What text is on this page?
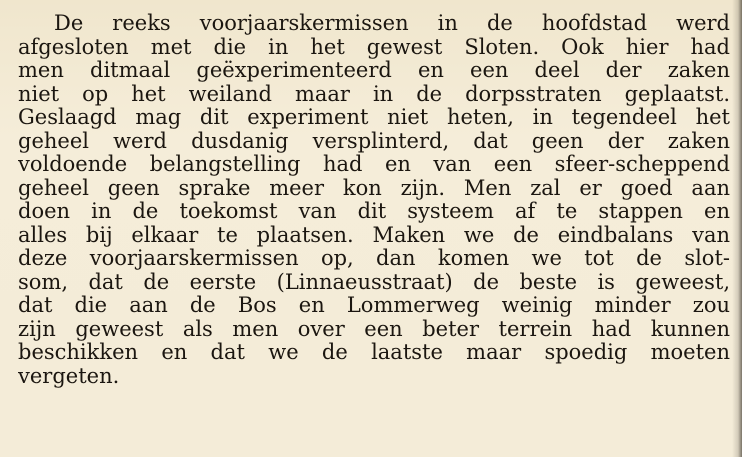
De reeks voorjaarskermissen in de hoofdstad werd
afgesloten met die in het gewest Sloten. Ook hier had
men ditmaal geëxperimenteerd en een deel der zaken
niet op het weiland maar in de dorpsstraten geplaatst.
Geslaagd mag dit experiment niet heten, in tegendeel het
geheel werd dusdanig versplinterd, dat geen der zaken
voldoende belangstelling had en van een sfeer-scheppend
geheel geen sprake meer kon zijn. Men zal er goed aan
doen in de toekomst van dit systeem af te stappen en
alles bij elkaar te plaatsen. Maken we de eindbalans van
deze voorjaarskermissen op, dan komen we tot de slot-
som, dat de eerste (Linnaeusstraat) de beste is geweest,
dat die aan de Bos en Lommerweg weinig minder zou
zijn geweest als men over een beter terrein had kunnen
beschikken en dat we de laatste maar spoedig moeten
vergeten.
